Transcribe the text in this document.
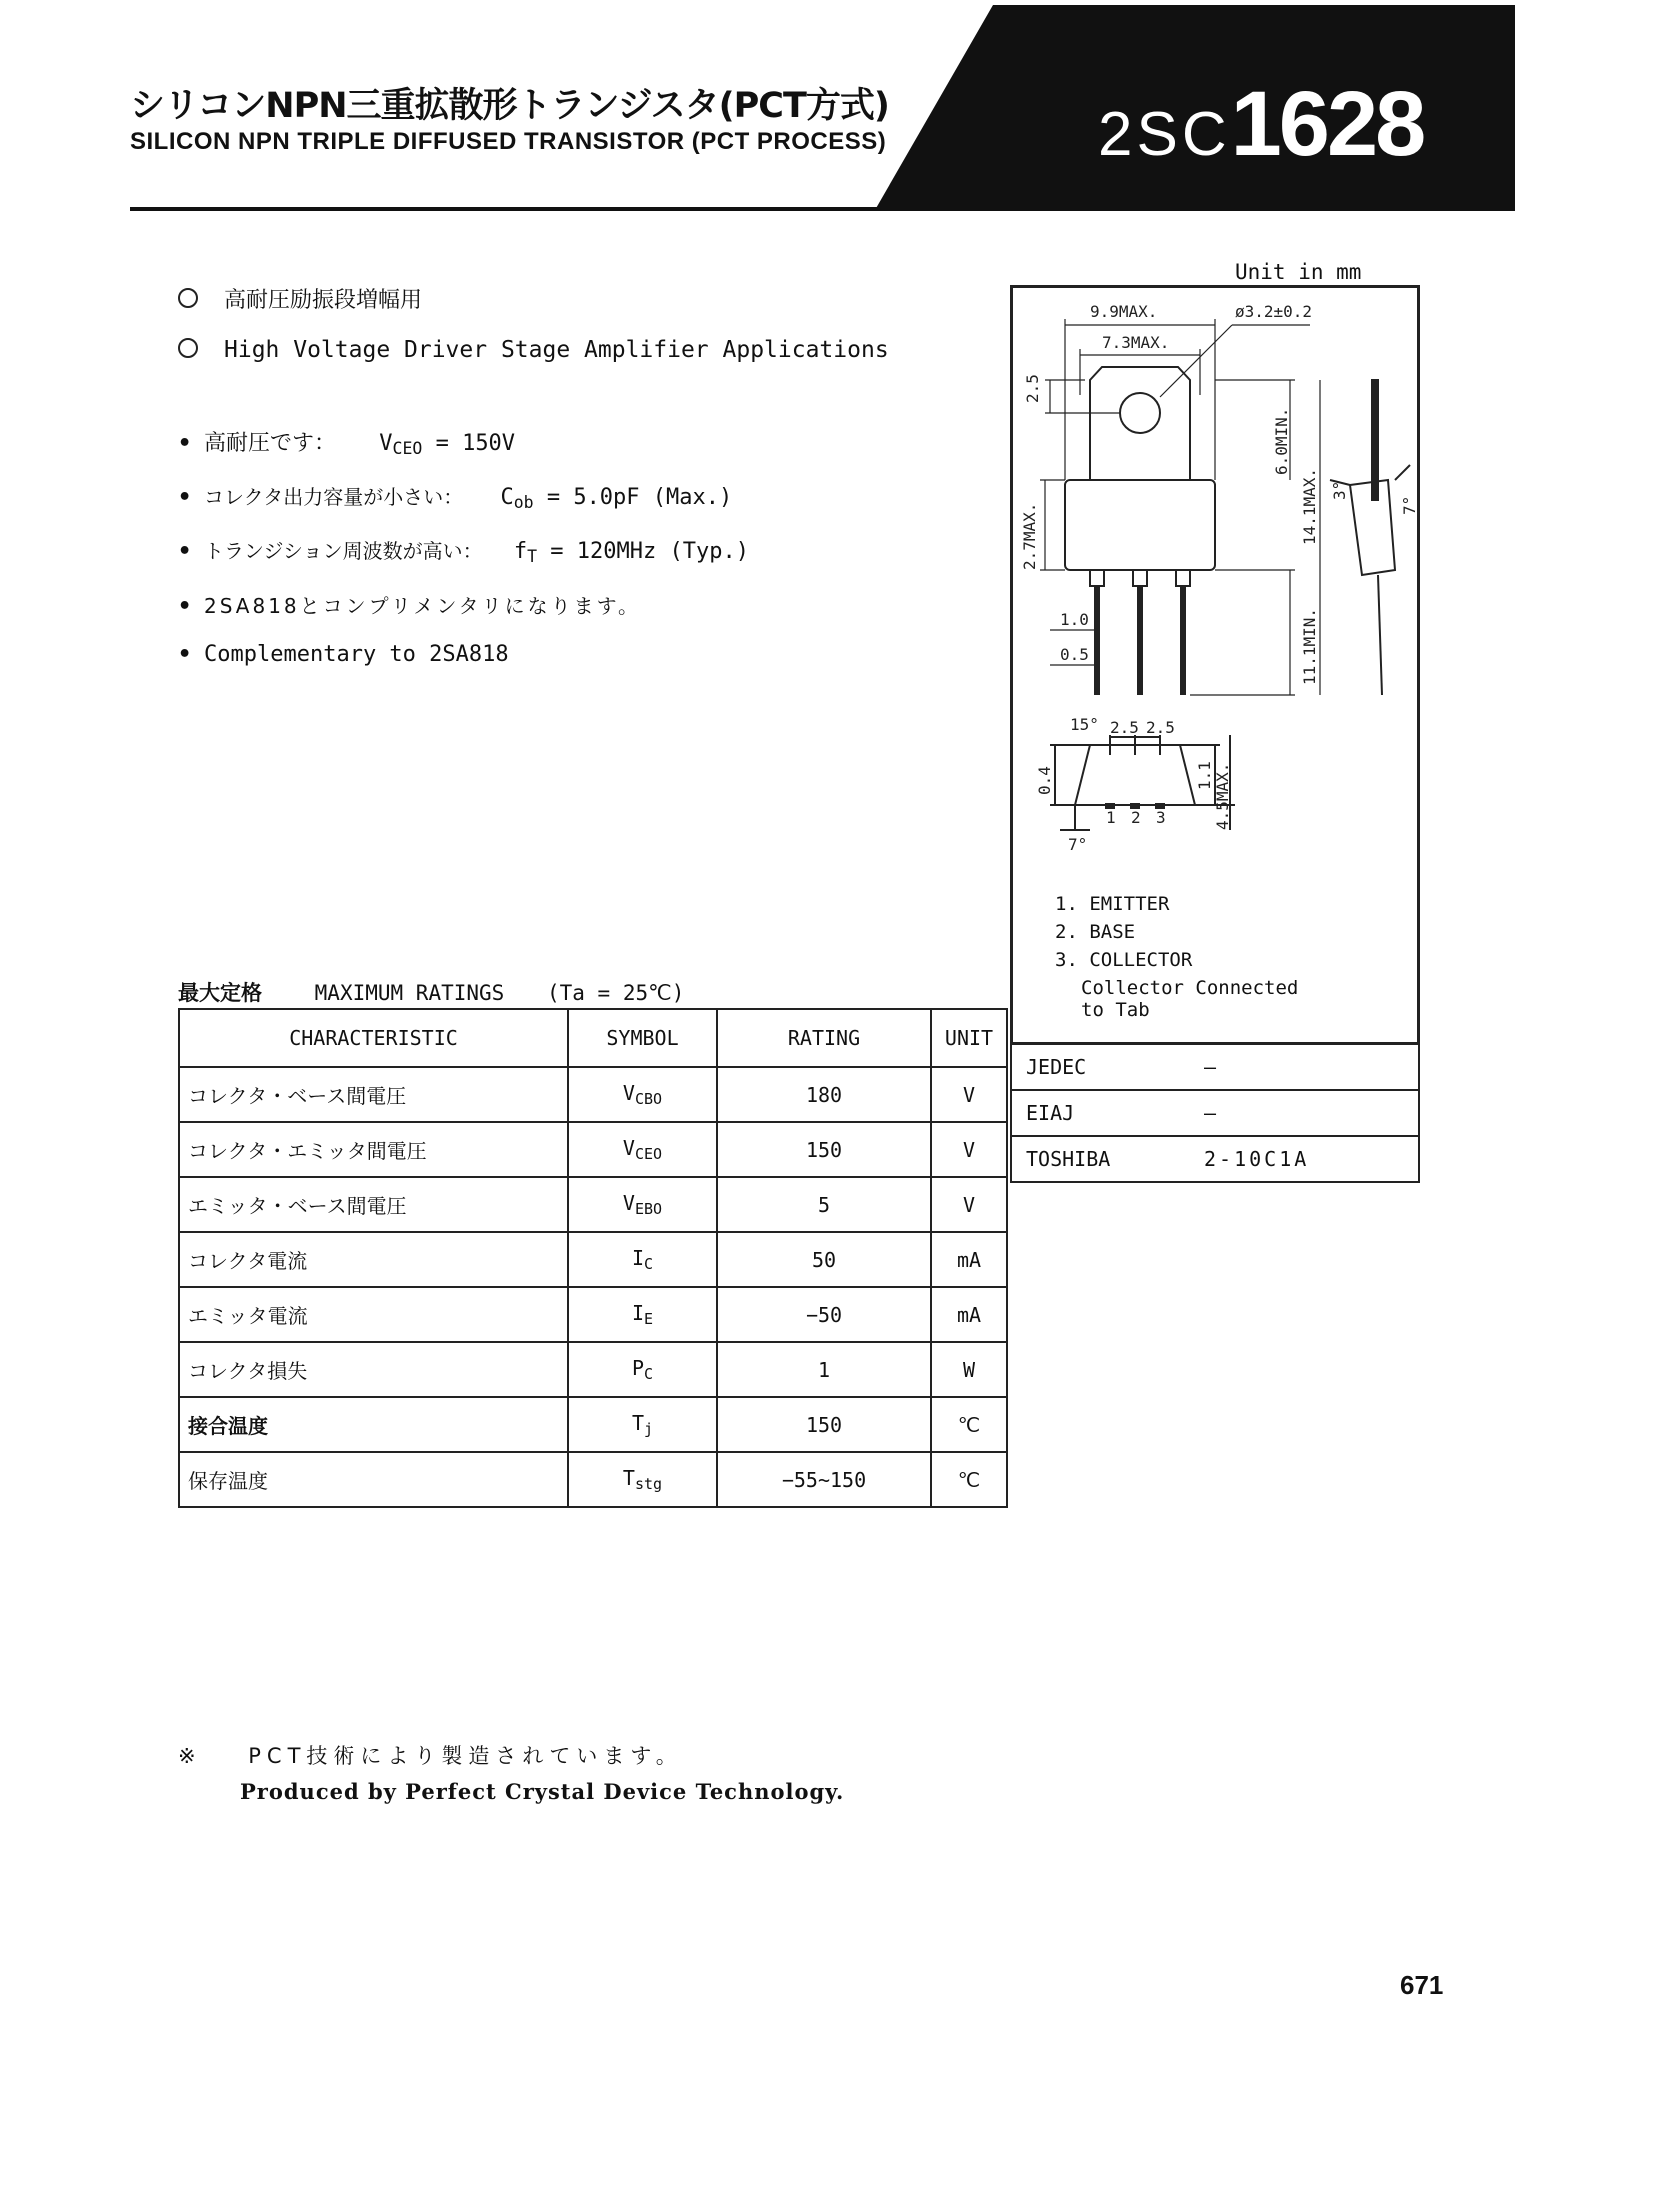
シリコンNPN三重拡散形トランジスタ(PCT方式)
SILICON NPN TRIPLE DIFFUSED TRANSISTOR (PCT PROCESS)	2SC1628
高耐圧励振段増幅用
High Voltage Driver Stage Amplifier Applications
• 高耐圧です： $V_{CEO} = 150V$
• コレクタ出力容量が小さい： $C_{ob} = 5.0pF$ (Max.)
• トランジション周波数が高い： $f_T = 120MHz$ (Typ.)
• 2SA818とコンプリメンタリになります。
• Complementary to 2SA818
Unit in mm
9.9MAX.	ø3.2±0.2
7.3MAX.
2.5
6.0MIN.
14.1MAX.
2.7MAX.
11.1MIN.
1.0
0.5
3°
7°
15° 2.5 2.5
0.4	1.1 4.5MAX.
7°
1 2 3
1. EMITTER
2. BASE
3. COLLECTOR
Collector Connected
to Tab
JEDEC	—
EIAJ	—
TOSHIBA	2-10C1A
最大定格	MAXIMUM RATINGS (Ta = 25℃)
CHARACTERISTIC	SYMBOL	RATING	UNIT
コレクタ・ベース間電圧	$V_{CBO}$	180	V
コレクタ・エミッタ間電圧	$V_{CEO}$	150	V
エミッタ・ベース間電圧	$V_{EBO}$	5	V
コレクタ電流	$I_C$	50	mA
エミッタ電流	$I_E$	−50	mA
コレクタ損失	$P_C$	1	W
接合温度	$T_j$	150	℃
保存温度	$T_{stg}$	−55~150	℃
※	PCT技術により製造されています。
Produced by Perfect Crystal Device Technology.
671
